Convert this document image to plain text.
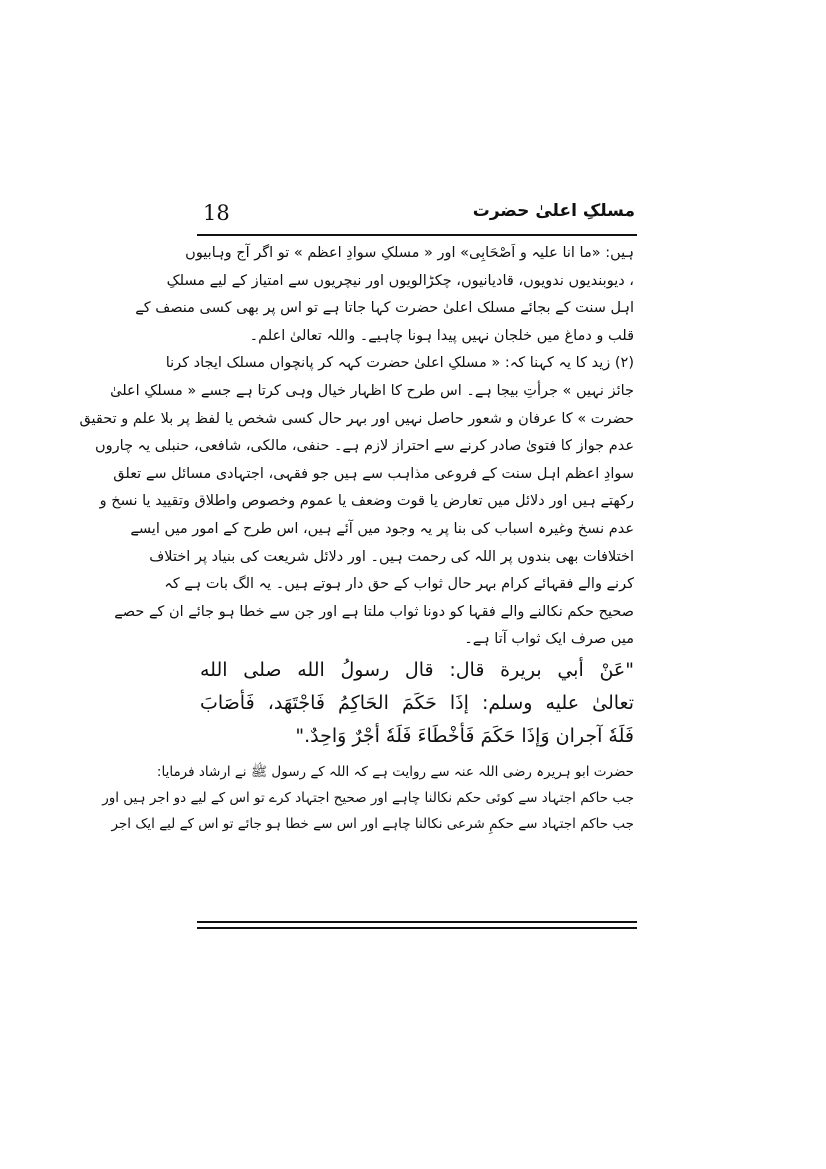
18	مسلکِ اعلیٰ حضرت
ہیں: «ما انا علیہ و اَصْحَابِی» اور « مسلکِ سوادِ اعظم » تو اگر آج وہابیوں
، دیوبندیوں ندویوں، قادیانیوں، چکڑالویوں اور نیچریوں سے امتیاز کے لیے مسلکِ
اہل سنت کے بجائے مسلک اعلیٰ حضرت کہا جاتا ہے تو اس پر بھی کسی منصف کے
قلب و دماغ میں خلجان نہیں پیدا ہونا چاہیے۔ واللہ تعالیٰ اعلم۔
(۲) زید کا یہ کہنا کہ: « مسلکِ اعلیٰ حضرت کہہ کر پانچواں مسلک ایجاد کرنا
جائز نہیں » جرأتِ بیجا ہے۔ اس طرح کا اظہار خیال وہی کرتا ہے جسے « مسلکِ اعلیٰ
حضرت » کا عرفان و شعور حاصل نہیں اور بہر حال کسی شخص یا لفظ پر بلا علم و تحقیق
عدم جواز کا فتویٰ صادر کرنے سے احتراز لازم ہے۔ حنفی، مالکی، شافعی، حنبلی یہ چاروں
سوادِ اعظم اہل سنت کے فروعی مذاہب سے ہیں جو فقہی، اجتہادی مسائل سے تعلق
رکھتے ہیں اور دلائل میں تعارض یا قوت وضعف یا عموم وخصوص واطلاق وتقیید یا نسخ و
عدم نسخ وغیرہ اسباب کی بنا پر یہ وجود میں آئے ہیں، اس طرح کے امور میں ایسے
اختلافات بھی بندوں پر اللہ کی رحمت ہیں۔ اور دلائل شریعت کی بنیاد پر اختلاف
کرنے والے فقہائے کرام بہر حال ثواب کے حق دار ہوتے ہیں۔ یہ الگ بات ہے کہ
صحیح حکم نکالنے والے فقہا کو دونا ثواب ملتا ہے اور جن سے خطا ہو جائے ان کے حصے
میں صرف ایک ثواب آتا ہے۔
"عَنْ أبي بريرة قال: قال رسولُ الله صلى الله
تعالىٰ عليه وسلم: إذَا حَكَمَ الحَاكِمُ فَاجْتَهَد، فَأصَابَ
فَلَهٗ آجران وَإذَا حَكَمَ فَأخْطَاءَ فَلَهٗ أجْرٌ وَاحِدٌ."
حضرت ابو ہریرہ رضی اللہ عنہ سے روایت ہے کہ اللہ کے رسول ﷺ نے ارشاد فرمایا:
جب حاکم اجتہاد سے کوئی حکم نکالنا چاہے اور صحیح اجتہاد کرے تو اس کے لیے دو اجر ہیں اور
جب حاکم اجتہاد سے حکمِ شرعی نکالنا چاہے اور اس سے خطا ہو جائے تو اس کے لیے ایک اجر
